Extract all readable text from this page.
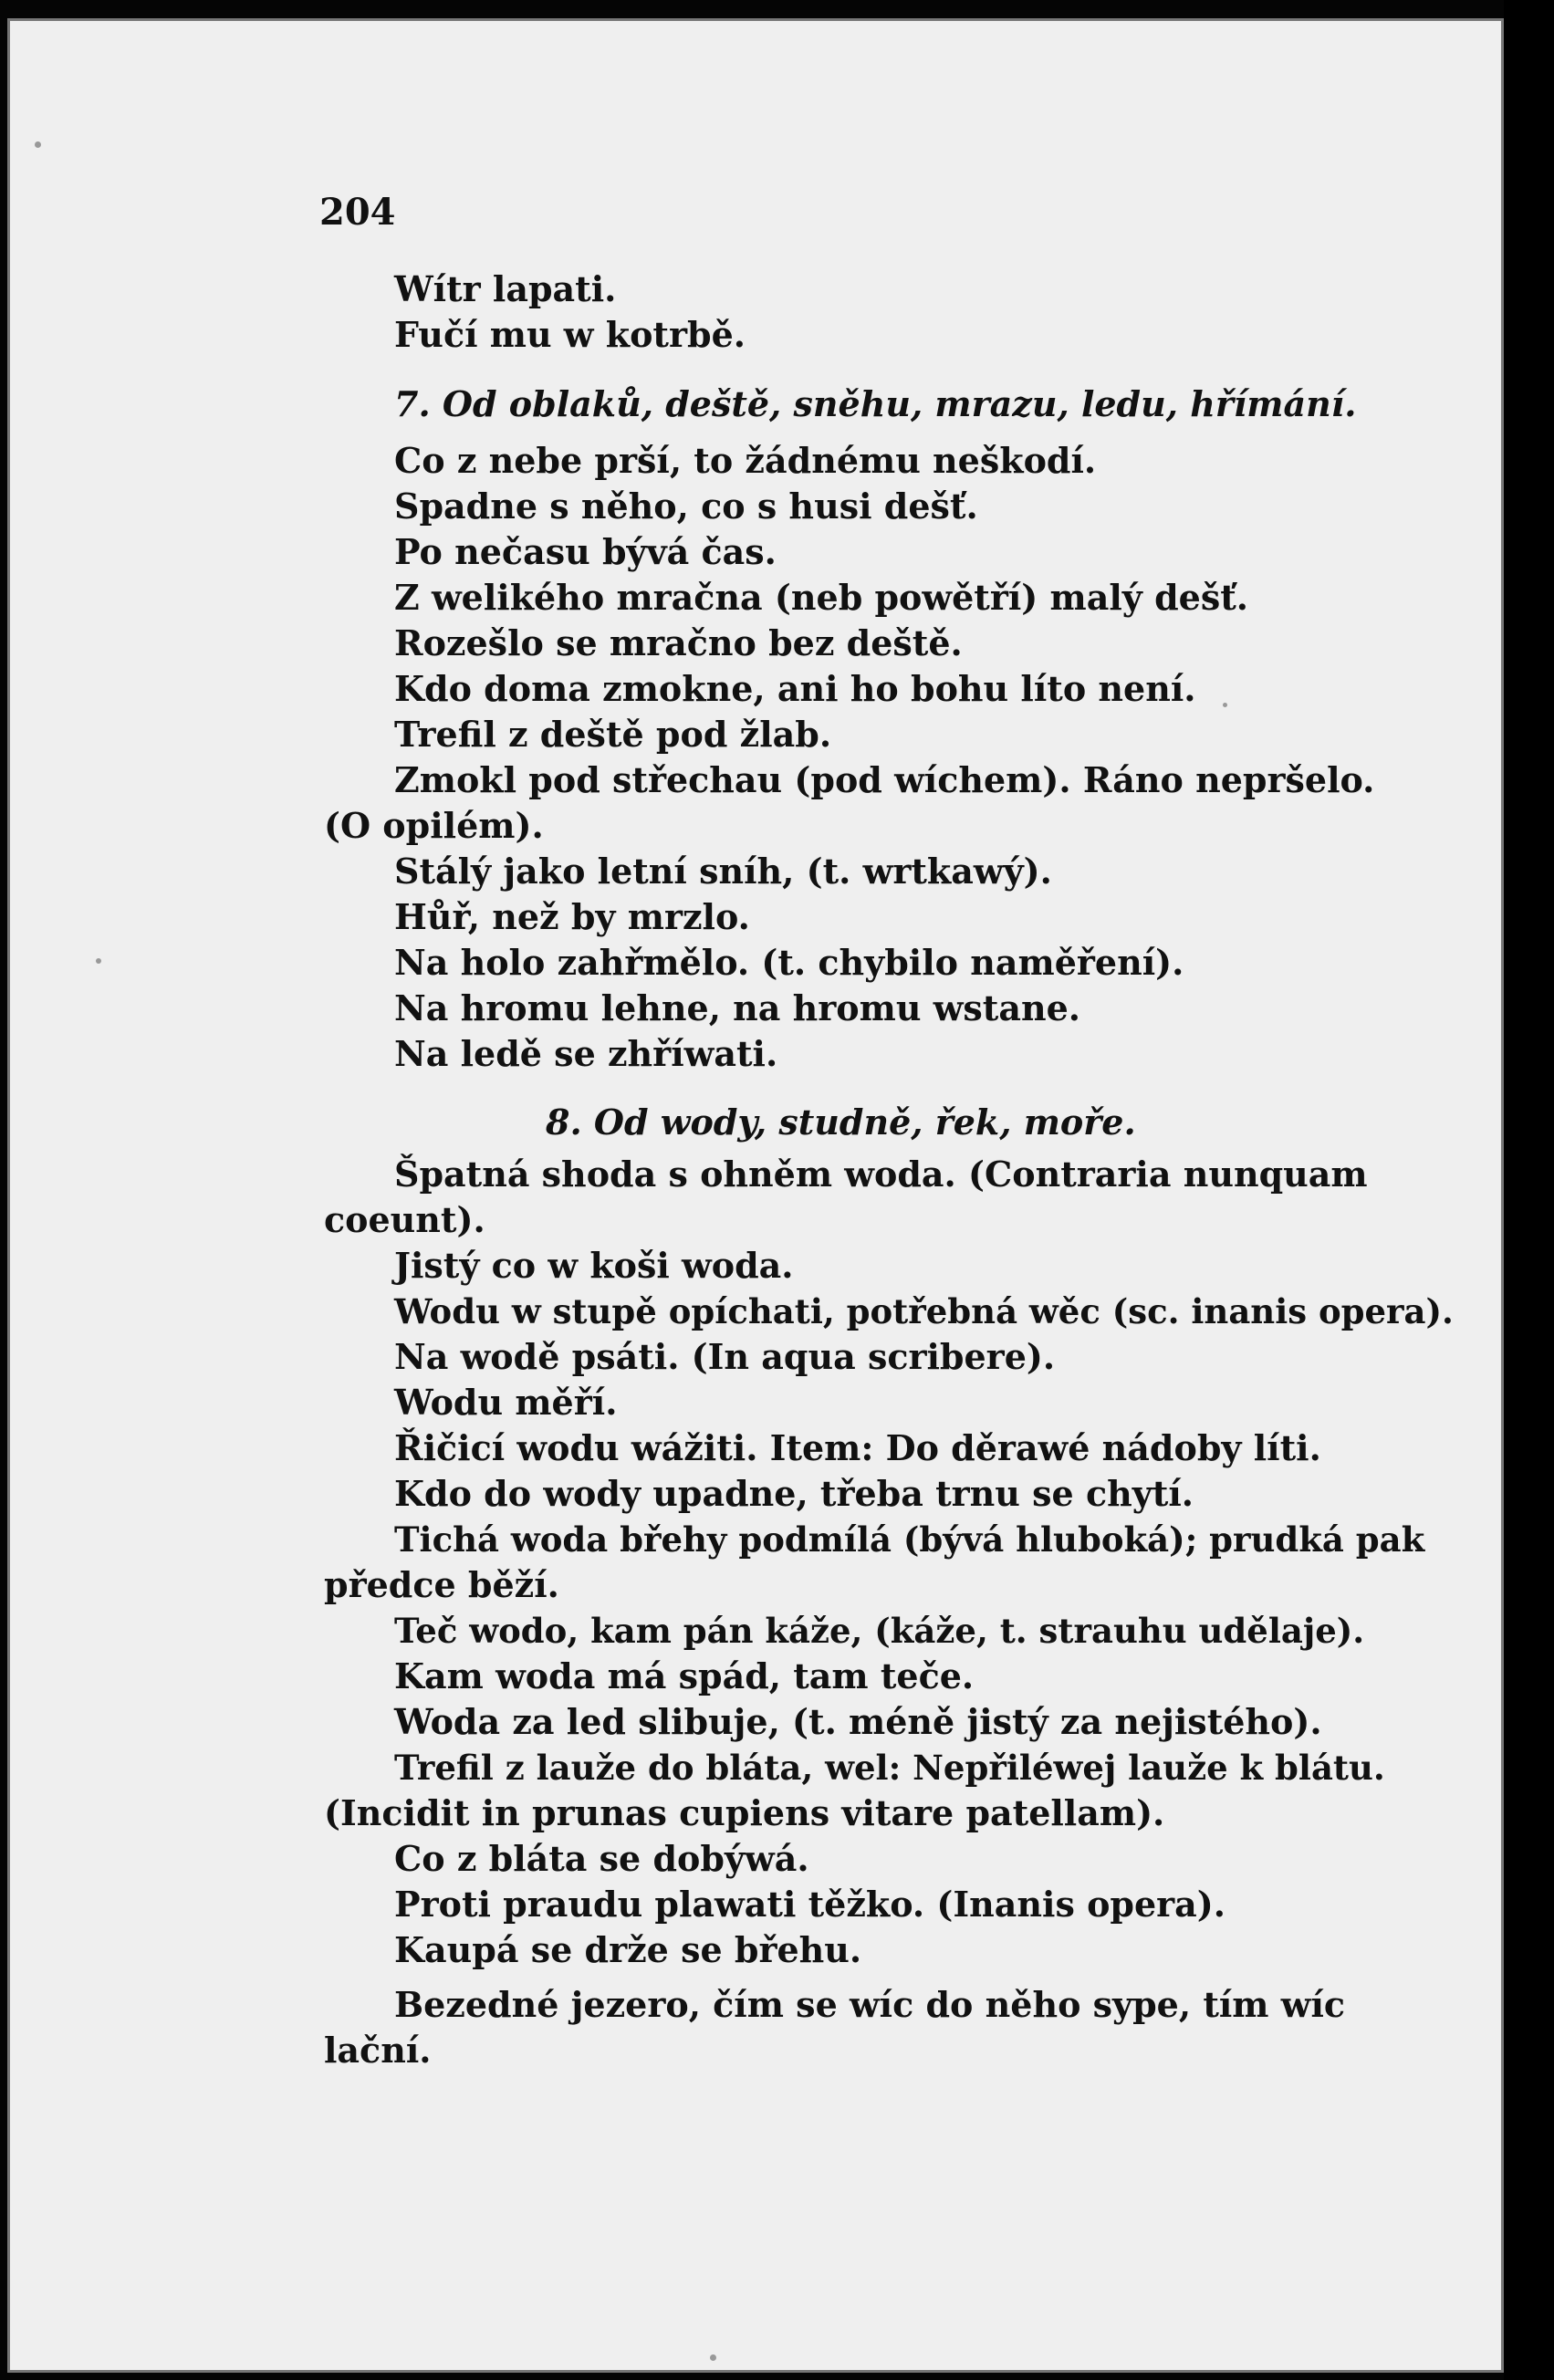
204
Wítr lapati.
Fučí mu w kotrbě.
7. Od oblaků, deště, sněhu, mrazu, ledu, hřímání.
Co z nebe prší, to žádnému neškodí.
Spadne s něho, co s husi dešť.
Po nečasu bývá čas.
Z welikého mračna (neb powětří) malý dešť.
Rozešlo se mračno bez deště.
Kdo doma zmokne, ani ho bohu líto není.
Trefil z deště pod žlab.
Zmokl pod střechau (pod wíchem). Ráno nepršelo.
(O opilém).
Stálý jako letní sníh, (t. wrtkawý).
Hůř, než by mrzlo.
Na holo zahřmělo. (t. chybilo naměření).
Na hromu lehne, na hromu wstane.
Na ledě se zhříwati.
8. Od wody, studně, řek, moře.
Špatná shoda s ohněm woda. (Contraria nunquam
coeunt).
Jistý co w koši woda.
Wodu w stupě opíchati, potřebná wěc (sc. inanis opera).
Na wodě psáti. (In aqua scribere).
Wodu měří.
Řičicí wodu wážiti. Item: Do děrawé nádoby líti.
Kdo do wody upadne, třeba trnu se chytí.
Tichá woda břehy podmílá (bývá hluboká); prudká pak
předce běží.
Teč wodo, kam pán káže, (káže, t. strauhu udělaje).
Kam woda má spád, tam teče.
Woda za led slibuje, (t. méně jistý za nejistého).
Trefil z lauže do bláta, wel: Nepřiléwej lauže k blátu.
(Incidit in prunas cupiens vitare patellam).
Co z bláta se dobýwá.
Proti praudu plawati těžko. (Inanis opera).
Kaupá se drže se břehu.
Bezedné jezero, čím se wíc do něho sype, tím wíc
lační.
